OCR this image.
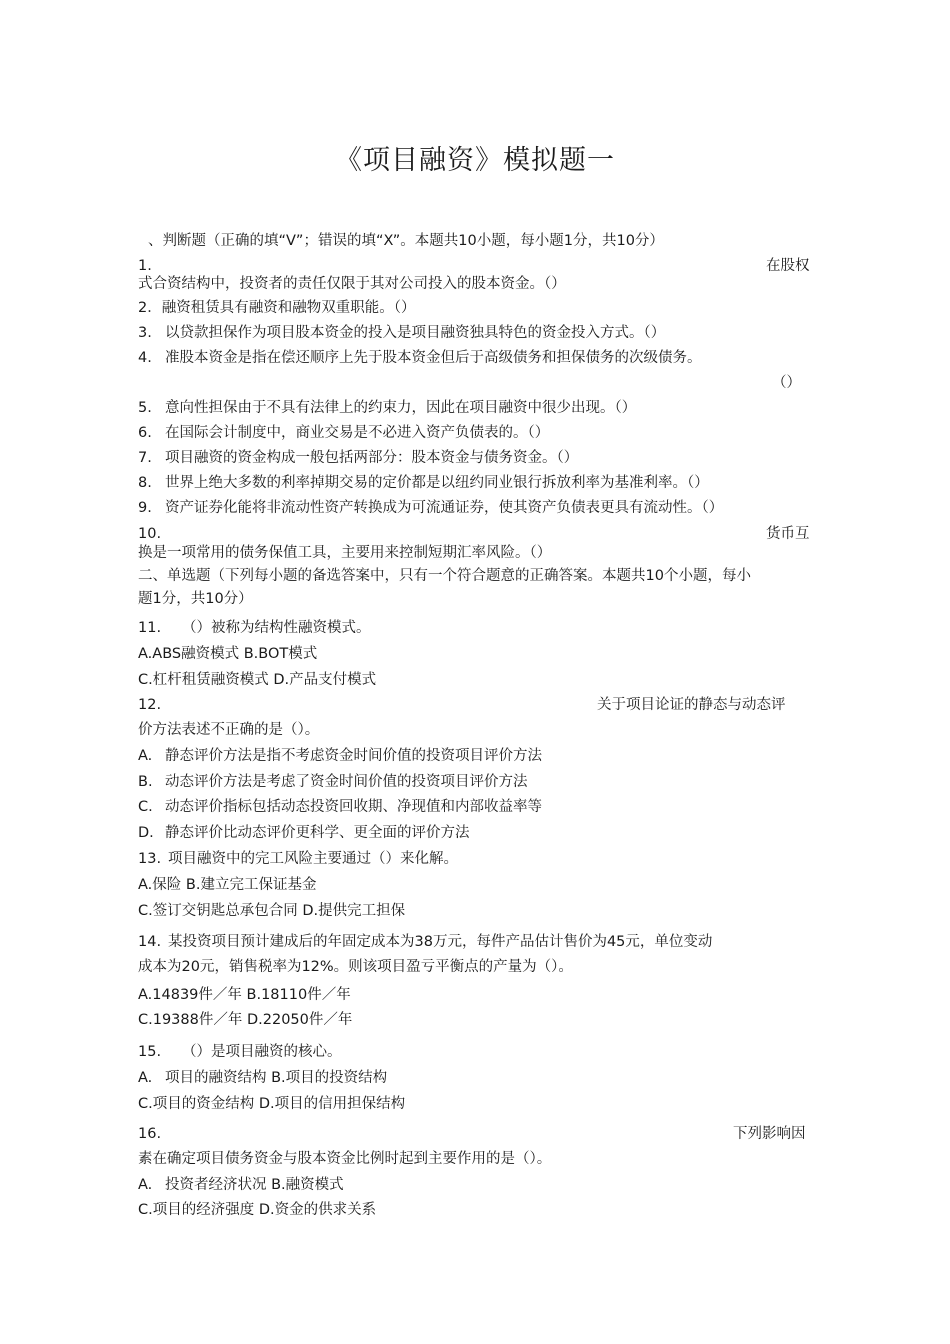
《项目融资》模拟题一
、判断题（正确的填“V”；错误的填“X”。本题共10小题，每小题1分，共10分）
1.	在股权
式合资结构中，投资者的责任仅限于其对公司投入的股本资金。（）
2．融资租赁具有融资和融物双重职能。（）
3. 以贷款担保作为项目股本资金的投入是项目融资独具特色的资金投入方式。（）
4. 准股本资金是指在偿还顺序上先于股本资金但后于高级债务和担保债务的次级债务。
（）
5. 意向性担保由于不具有法律上的约束力，因此在项目融资中很少出现。（）
6. 在国际会计制度中，商业交易是不必进入资产负债表的。（）
7. 项目融资的资金构成一般包括两部分：股本资金与债务资金。（）
8. 世界上绝大多数的利率掉期交易的定价都是以纽约同业银行拆放利率为基准利率。（）
9. 资产证券化能将非流动性资产转换成为可流通证券，使其资产负债表更具有流动性。（）
10.	货币互
换是一项常用的债务保值工具，主要用来控制短期汇率风险。（）
二、单选题（下列每小题的备选答案中，只有一个符合题意的正确答案。本题共10个小题，每小
题1分，共10分）
11. （）被称为结构性融资模式。
A.ABS融资模式 B.BOT模式
C.杠杆租赁融资模式 D.产品支付模式
12.	关于项目论证的静态与动态评
价方法表述不正确的是（）。
A. 静态评价方法是指不考虑资金时间价值的投资项目评价方法
B. 动态评价方法是考虑了资金时间价值的投资项目评价方法
C. 动态评价指标包括动态投资回收期、净现值和内部收益率等
D. 静态评价比动态评价更科学、更全面的评价方法
13. 项目融资中的完工风险主要通过（）来化解。
A.保险 B.建立完工保证基金
C.签订交钥匙总承包合同 D.提供完工担保
14. 某投资项目预计建成后的年固定成本为38万元，每件产品估计售价为45元，单位变动
成本为20元，销售税率为12%。则该项目盈亏平衡点的产量为（）。
A.14839件／年 B.18110件／年
C.19388件／年 D.22050件／年
15. （）是项目融资的核心。
A. 项目的融资结构 B.项目的投资结构
C.项目的资金结构 D.项目的信用担保结构
16.	下列影响因
素在确定项目债务资金与股本资金比例时起到主要作用的是（）。
A. 投资者经济状况 B.融资模式
C.项目的经济强度 D.资金的供求关系
